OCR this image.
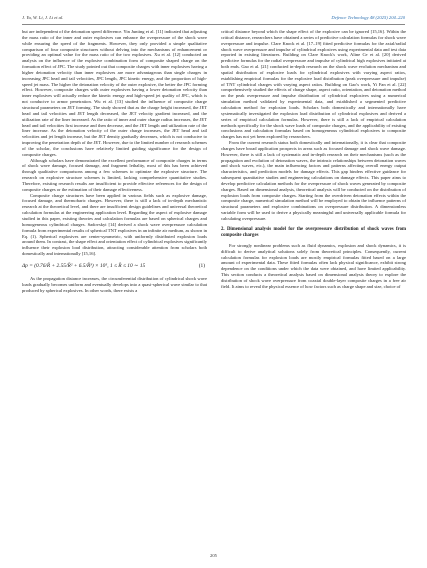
J. Yu, W. Li, J. Li et al.	Defence Technology 48 (2025) 204–220

but are independent of the detonation speed difference. Yin Junting et al. [11] indicated that adjusting the mass ratio of the inner and outer explosives can enhance the overpressure of the shock wave while ensuring the speed of the fragments. However, they only provided a simple qualitative comparison of four composite structures without delving into the mechanisms of enhancement or providing an optimal value for the mass ratio of the two explosives. Xu et al. [12] conducted an analysis on the influence of the explosive combination form of composite shaped charge on the formation effect of JPC. The study pointed out that composite charges with inner explosives having a higher detonation velocity than inner explosives are more advantageous than single charges in increasing JPC head and tail velocities, JPC length, JPC kinetic energy, and the proportion of high-speed jet mass. The higher the detonation velocity of the outer explosive, the better the JPC forming effect. However, composite charges with outer explosives having a lower detonation velocity than inner explosives will actually reduce the kinetic energy and high-speed jet quality of JPC, which is not conducive to armor penetration. Wu et al. [13] studied the influence of composite charge structural parameters on JET forming. The study showed that as the charge height increased, the JET head and tail velocities and JET length decreased, the JET velocity gradient increased, and the utilization rate of the liner increased. As the ratio of inner and outer charge radius increases, the JET head and tail velocities first increase and then decrease, and the JET length and utilization rate of the liner increase. As the detonation velocity of the outer charge increases, the JET head and tail velocities and jet length increase, but the JET density gradually decreases, which is not conducive to improving the penetration depth of the JET. However, due to the limited number of research schemes of the scholar, the conclusions have relatively limited guiding significance for the design of composite charges.

Although scholars have demonstrated the excellent performance of composite charges in terms of shock wave damage, focused damage, and fragment lethality, most of this has been achieved through qualitative comparisons among a few schemes to optimize the explosive structure. The research on explosive structure schemes is limited, lacking comprehensive quantitative studies. Therefore, existing research results are insufficient to provide effective references for the design of composite charges or the estimation of their damage effectiveness.

Composite charge structures have been applied in various fields such as explosive damage, focused damage, and thermobaric charges. However, there is still a lack of in-depth mechanistic research at the theoretical level, and there are insufficient design guidelines and universal theoretical calculation formulas at the engineering application level. Regarding the aspect of explosive damage studied in this paper, existing theories and calculation formulas are based on spherical charges and homogeneous cylindrical charges. Sadovskyi [14] derived a shock wave overpressure calculation formula from experimental results of spherical TNT explosives in an infinite air medium, as shown in Eq. (1). Spherical explosives are center-symmetric, with uniformly distributed explosion loads around them. In contrast, the shape effect and orientation effect of cylindrical explosives significantly influence their explosion load distribution, attracting considerable attention from scholars both domestically and internationally [15,16].

Δp = (0.76/R̄ + 2.55/R̄² + 6.5/R̄³) × 10⁵, 1 ≤ R̄ ≤ 10 ∼ 15	(1)

As the propagation distance increases, the circumferential distribution of cylindrical shock wave loads gradually becomes uniform and eventually develops into a quasi-spherical wave similar to that produced by spherical explosives. In other words, there exists a

critical distance beyond which the shape effect of the explosive can be ignored [15,16]. Within the critical distance, researchers have obtained a series of predictive calculation formulas for shock wave overpressure and impulse. Clare Knock et al. [17–19] fitted predictive formulas for the axial/radial shock wave overpressure and impulse of cylindrical explosives using experimental data and test data reported in existing literatures. Building on Clare Knock's work, Aline Ce et al. [20] derived predictive formulas for the radial overpressure and impulse of cylindrical high explosives initiated at both ends. Gao et al. [21] conducted in-depth research on the shock wave evolution mechanism and spatial distribution of explosive loads for cylindrical explosives with varying aspect ratios, establishing empirical formulas for the explosive load distribution (peak overpressure and impulse) of TNT cylindrical charges with varying aspect ratios. Building on Gao's work, Yi Fan et al. [22] comprehensively studied the effects of charge shape, aspect ratio, orientation, and detonation method on the peak overpressure and impulse distribution of cylindrical explosives using a numerical simulation method validated by experimental data, and established a segmented predictive calculation method for explosion loads. Scholars both domestically and internationally have systematically investigated the explosion load distribution of cylindrical explosives and derived a series of empirical calculation formulas. However, there is still a lack of empirical calculation methods specifically for the shock wave loads of composite charges, and the applicability of existing conclusions and calculation formulas based on homogeneous cylindrical explosives to composite charges has not yet been explored by researchers.

From the current research status both domestically and internationally, it is clear that composite charges have broad application prospects in areas such as focused damage and shock wave damage. However, there is still a lack of systematic and in-depth research on their mechanisms (such as the propagation and evolution of detonation waves, the intrinsic relationships between detonation waves and shock waves, etc.), the main influencing factors and patterns affecting overall energy output characteristics, and prediction models for damage effects. This gap hinders effective guidance for subsequent quantitative studies and engineering calculations on damage effects. This paper aims to develop predictive calculation methods for the overpressure of shock waves generated by composite charges. Based on dimensional analysis, theoretical analysis will be conducted on the distribution of explosion loads from composite charges. Starting from the overdriven detonation effects within the composite charge, numerical simulation method will be employed to obtain the influence patterns of structural parameters and explosive combinations on overpressure distribution. A dimensionless variable form will be used to derive a physically meaningful and universally applicable formula for calculating overpressure.

2. Dimensional analysis model for the overpressure distribution of shock waves from composite charges

For strongly nonlinear problems such as fluid dynamics, explosion and shock dynamics, it is difficult to derive analytical solutions solely from theoretical principles. Consequently, current calculation formulas for explosion loads are mostly empirical formulas fitted based on a large amount of experimental data. These fitted formulas often lack physical significance, exhibit strong dependence on the conditions under which the data were obtained, and have limited applicability. This section conducts a theoretical analysis based on dimensional analysis theory to explore the distribution of shock wave overpressure from coaxial double-layer composite charges in a free air field. It aims to reveal the physical essence of how factors such as charge shape and size, choice of

205
